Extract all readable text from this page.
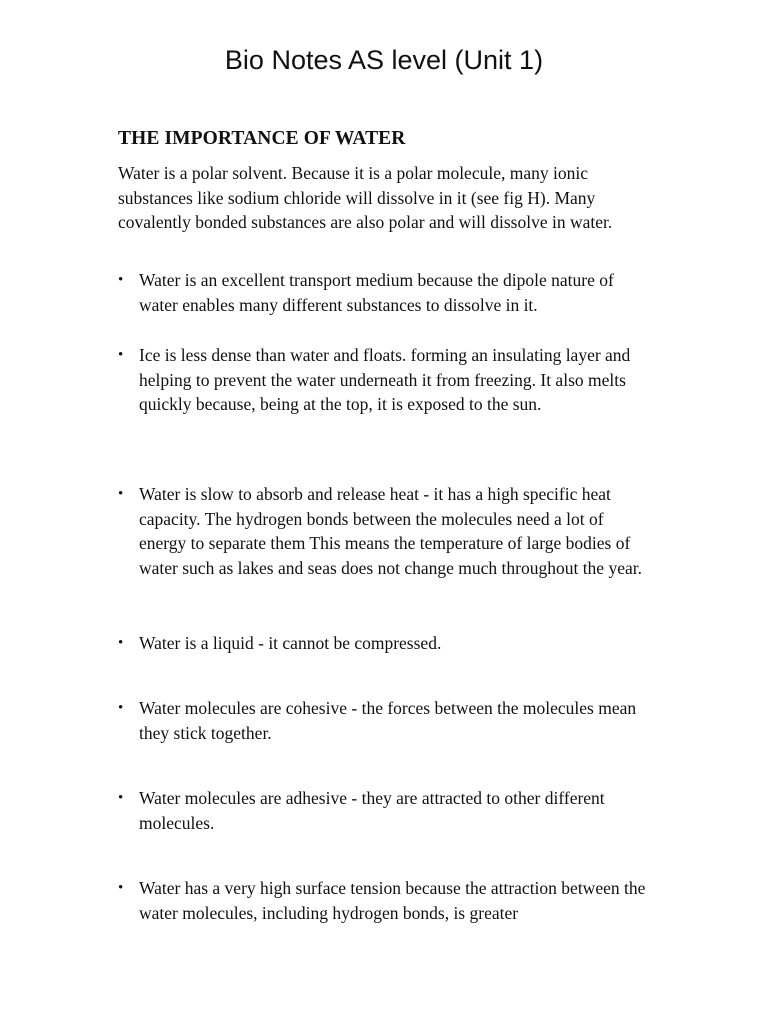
Bio Notes AS level (Unit 1)
THE IMPORTANCE OF WATER

Water is a polar solvent. Because it is a polar molecule, many ionic substances like sodium chloride will dissolve in it (see fig H). Many covalently bonded substances are also polar and will dissolve in water.

• Water is an excellent transport medium because the dipole nature of water enables many different substances to dissolve in it.
• Ice is less dense than water and floats. forming an insulating layer and helping to prevent the water underneath it from freezing. It also melts quickly because, being at the top, it is exposed to the sun.
• Water is slow to absorb and release heat - it has a high specific heat capacity. The hydrogen bonds between the molecules need a lot of energy to separate them This means the temperature of large bodies of water such as lakes and seas does not change much throughout the year.
• Water is a liquid - it cannot be compressed.
• Water molecules are cohesive - the forces between the molecules mean they stick together.
• Water molecules are adhesive - they are attracted to other different molecules.
• Water has a very high surface tension because the attraction between the water molecules, including hydrogen bonds, is greater
